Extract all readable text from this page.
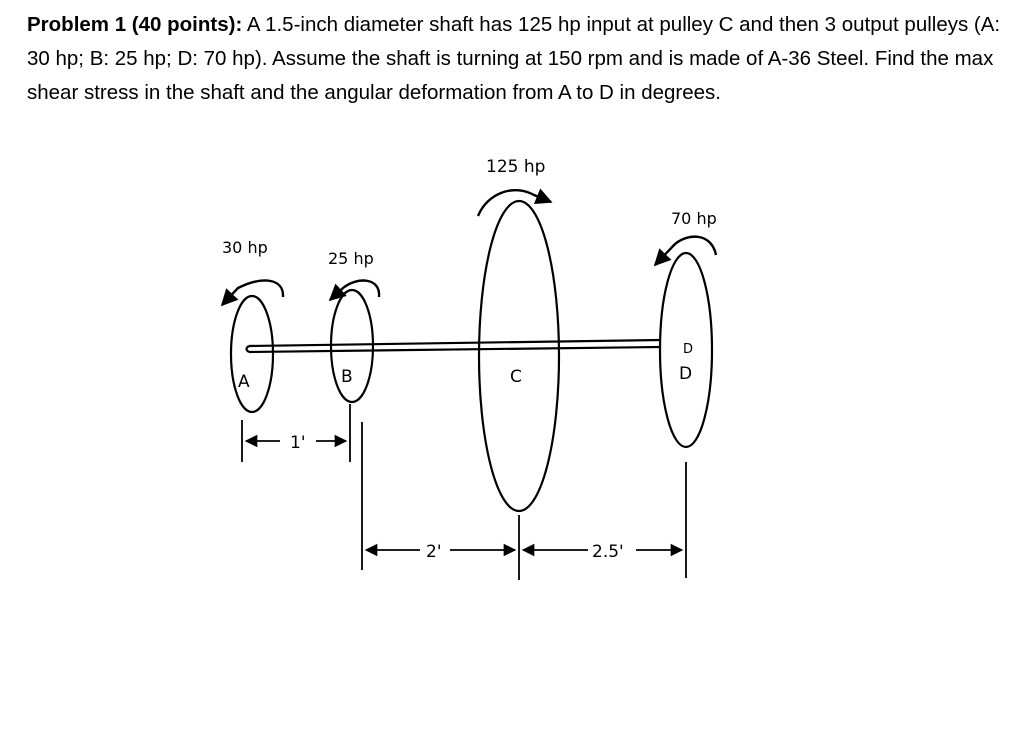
Problem 1 (40 points): A 1.5-inch diameter shaft has 125 hp input at pulley C and then 3 output pulleys (A: 30 hp; B: 25 hp; D: 70 hp). Assume the shaft is turning at 150 rpm and is made of A-36 Steel. Find the max shear stress in the shaft and the angular deformation from A to D in degrees.
A
30 hp
B
25 hp
C
125 hp
D
D
70 hp
1'
2'	2.5'
